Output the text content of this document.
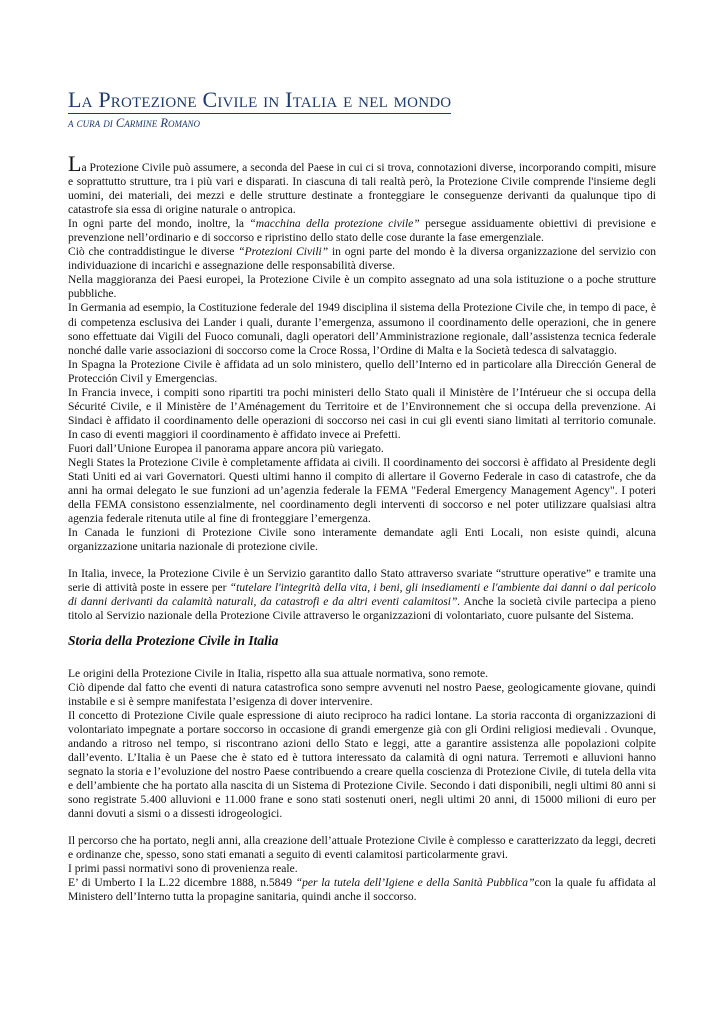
La Protezione Civile in Italia e nel mondo
a cura di Carmine Romano

La Protezione Civile può assumere, a seconda del Paese in cui ci si trova, connotazioni diverse, incorporando compiti, misure e soprattutto strutture, tra i più vari e disparati. In ciascuna di tali realtà però, la Protezione Civile comprende l'insieme degli uomini, dei materiali, dei mezzi e delle strutture destinate a fronteggiare le conseguenze derivanti da qualunque tipo di catastrofe sia essa di origine naturale o antropica.

In ogni parte del mondo, inoltre, la “macchina della protezione civile” persegue assiduamente obiettivi di previsione e prevenzione nell’ordinario e di soccorso e ripristino dello stato delle cose durante la fase emergenziale.

Ciò che contraddistingue le diverse “Protezioni Civili” in ogni parte del mondo è la diversa organizzazione del servizio con individuazione di incarichi e assegnazione delle responsabilità diverse.

Nella maggioranza dei Paesi europei, la Protezione Civile è un compito assegnato ad una sola istituzione o a poche strutture pubbliche.

In Germania ad esempio, la Costituzione federale del 1949 disciplina il sistema della Protezione Civile che, in tempo di pace, è di competenza esclusiva dei Lander i quali, durante l’emergenza, assumono il coordinamento delle operazioni, che in genere sono effettuate dai Vigili del Fuoco comunali, dagli operatori dell’Amministrazione regionale, dall’assistenza tecnica federale nonché dalle varie associazioni di soccorso come la Croce Rossa, l’Ordine di Malta e la Società tedesca di salvataggio.

In Spagna la Protezione Civile è affidata ad un solo ministero, quello dell’Interno ed in particolare alla Dirección General de Protección Civil y Emergencias.

In Francia invece, i compiti sono ripartiti tra pochi ministeri dello Stato quali il Ministère de l’Intérueur che si occupa della Sécurité Civile, e il Ministère de l’Aménagement du Territoire et de l’Environnement che si occupa della prevenzione. Ai Sindaci è affidato il coordinamento delle operazioni di soccorso nei casi in cui gli eventi siano limitati al territorio comunale. In caso di eventi maggiori il coordinamento è affidato invece ai Prefetti.

Fuori dall’Unione Europea il panorama appare ancora più variegato.

Negli States la Protezione Civile è completamente affidata ai civili. Il coordinamento dei soccorsi è affidato al Presidente degli Stati Uniti ed ai vari Governatori. Questi ultimi hanno il compito di allertare il Governo Federale in caso di catastrofe, che da anni ha ormai delegato le sue funzioni ad un’agenzia federale la FEMA "Federal Emergency Management Agency". I poteri della FEMA consistono essenzialmente, nel coordinamento degli interventi di soccorso e nel poter utilizzare qualsiasi altra agenzia federale ritenuta utile al fine di fronteggiare l’emergenza.

In Canada le funzioni di Protezione Civile sono interamente demandate agli Enti Locali, non esiste quindi, alcuna organizzazione unitaria nazionale di protezione civile.

In Italia, invece, la Protezione Civile è un Servizio garantito dallo Stato attraverso svariate “strutture operative” e tramite una serie di attività poste in essere per “tutelare l'integrità della vita, i beni, gli insediamenti e l'ambiente dai danni o dal pericolo di danni derivanti da calamità naturali, da catastrofi e da altri eventi calamitosi”. Anche la società civile partecipa a pieno titolo al Servizio nazionale della Protezione Civile attraverso le organizzazioni di volontariato, cuore pulsante del Sistema.

Storia della Protezione Civile in Italia

Le origini della Protezione Civile in Italia, rispetto alla sua attuale normativa, sono remote.

Ciò dipende dal fatto che eventi di natura catastrofica sono sempre avvenuti nel nostro Paese, geologicamente giovane, quindi instabile e si è sempre manifestata l’esigenza di dover intervenire.

Il concetto di Protezione Civile quale espressione di aiuto reciproco ha radici lontane. La storia racconta di organizzazioni di volontariato impegnate a portare soccorso in occasione di grandi emergenze già con gli Ordini religiosi medievali . Ovunque, andando a ritroso nel tempo, si riscontrano azioni dello Stato e leggi, atte a garantire assistenza alle popolazioni colpite dall’evento. L’Italia è un Paese che è stato ed è tuttora interessato da calamità di ogni natura. Terremoti e alluvioni hanno segnato la storia e l’evoluzione del nostro Paese contribuendo a creare quella coscienza di Protezione Civile, di tutela della vita e dell’ambiente che ha portato alla nascita di un Sistema di Protezione Civile. Secondo i dati disponibili, negli ultimi 80 anni si sono registrate 5.400 alluvioni e 11.000 frane e sono stati sostenuti oneri, negli ultimi 20 anni, di 15000 milioni di euro per danni dovuti a sismi o a dissesti idrogeologici.

Il percorso che ha portato, negli anni, alla creazione dell’attuale Protezione Civile è complesso e caratterizzato da leggi, decreti e ordinanze che, spesso, sono stati emanati a seguito di eventi calamitosi particolarmente gravi.

I primi passi normativi sono di provenienza reale.

E’ di Umberto I la L.22 dicembre 1888, n.5849 “per la tutela dell’Igiene e della Sanità Pubblica”con la quale fu affidata al Ministero dell’Interno tutta la propagine sanitaria, quindi anche il soccorso.
